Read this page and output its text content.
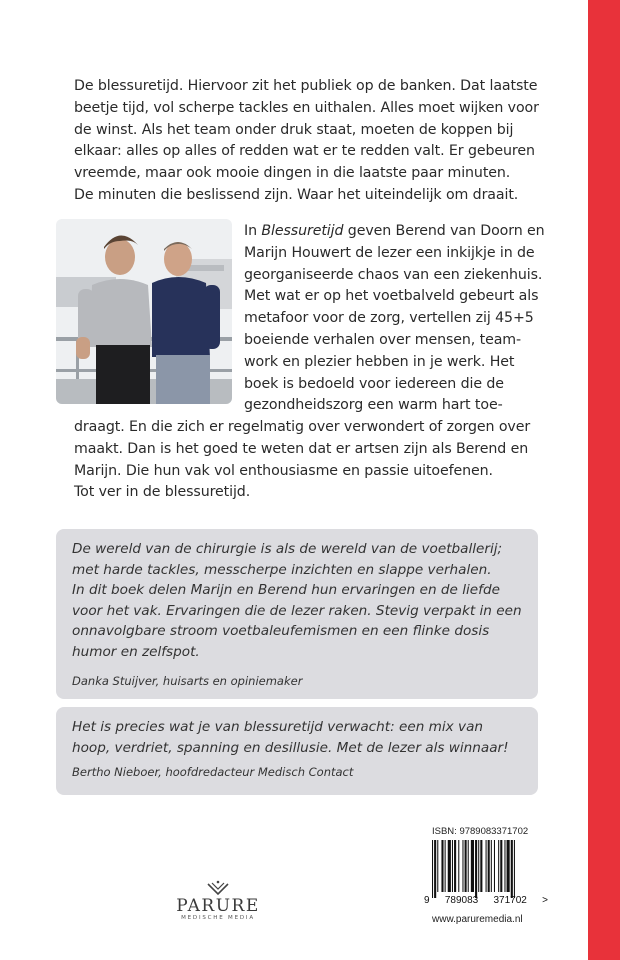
De blessuretijd. Hiervoor zit het publiek op de banken. Dat laatste
beetje tijd, vol scherpe tackles en uithalen. Alles moet wijken voor
de winst. Als het team onder druk staat, moeten de koppen bij
elkaar: alles op alles of redden wat er te redden valt. Er gebeuren
vreemde, maar ook mooie dingen in die laatste paar minuten.
De minuten die beslissend zijn. Waar het uiteindelijk om draait.
In Blessuretijd geven Berend van Doorn en
Marijn Houwert de lezer een inkijkje in de
georganiseerde chaos van een ziekenhuis.
Met wat er op het voetbalveld gebeurt als
metafoor voor de zorg, vertellen zij 45+5
boeiende verhalen over mensen, team-
work en plezier hebben in je werk. Het
boek is bedoeld voor iedereen die de
gezondheidszorg een warm hart toe-
draagt. En die zich er regelmatig over verwondert of zorgen over
maakt. Dan is het goed te weten dat er artsen zijn als Berend en
Marijn. Die hun vak vol enthousiasme en passie uitoefenen.
Tot ver in de blessuretijd.
De wereld van de chirurgie is als de wereld van de voetballerij;
met harde tackles, messcherpe inzichten en slappe verhalen.
In dit boek delen Marijn en Berend hun ervaringen en de liefde
voor het vak. Ervaringen die de lezer raken. Stevig verpakt in een
onnavolgbare stroom voetbaleufemismen en een flinke dosis
humor en zelfspot.
Danka Stuijver, huisarts en opiniemaker
Het is precies wat je van blessuretijd verwacht: een mix van
hoop, verdriet, spanning en desillusie. Met de lezer als winnaar!
Bertho Nieboer, hoofdredacteur Medisch Contact
PARURE
MEDISCHE MEDIA
ISBN: 9789083371702
9 789083 371702 >
www.paruremedia.nl
